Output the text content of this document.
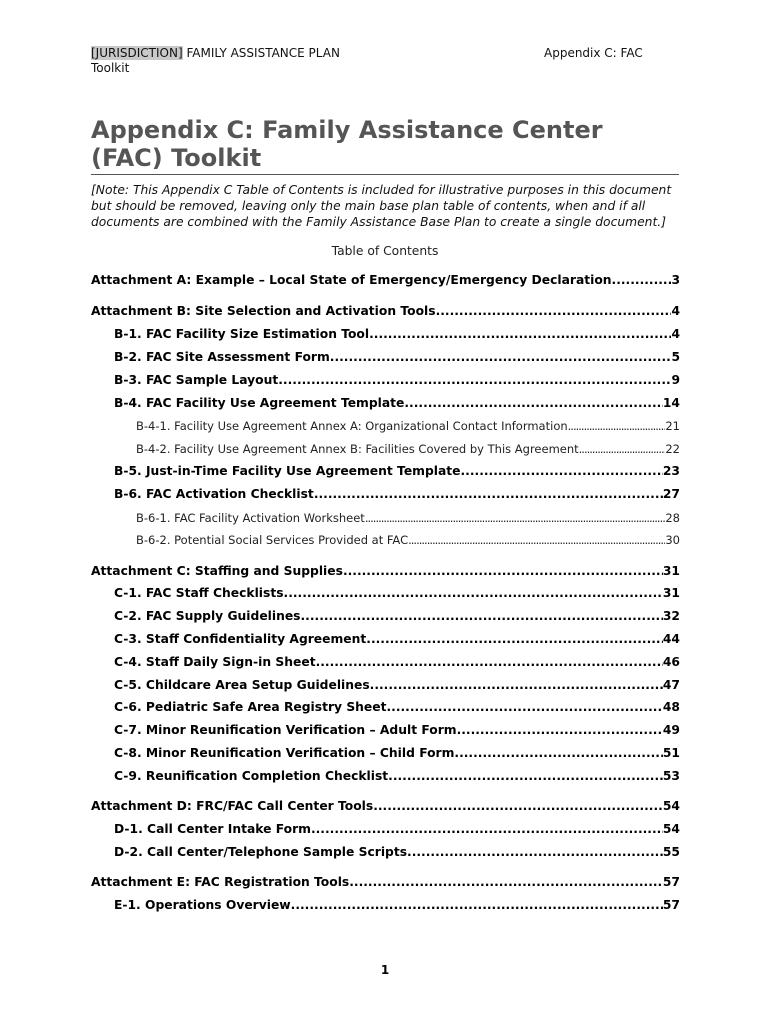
[JURISDICTION] FAMILY ASSISTANCE PLAN Toolkit
Appendix C: FAC
Appendix C: Family Assistance Center (FAC) Toolkit
[Note: This Appendix C Table of Contents is included for illustrative purposes in this document but should be removed, leaving only the main base plan table of contents, when and if all documents are combined with the Family Assistance Base Plan to create a single document.]
Table of Contents
Attachment A: Example – Local State of Emergency/Emergency Declaration .....	3
Attachment B: Site Selection and Activation Tools .....	4
B-1. FAC Facility Size Estimation Tool .....	4
B-2. FAC Site Assessment Form .....	5
B-3. FAC Sample Layout .....	9
B-4. FAC Facility Use Agreement Template .....	14
B-4-1. Facility Use Agreement Annex A: Organizational Contact Information .....	21
B-4-2. Facility Use Agreement Annex B: Facilities Covered by This Agreement .....	22
B-5. Just-in-Time Facility Use Agreement Template .....	23
B-6. FAC Activation Checklist .....	27
B-6-1. FAC Facility Activation Worksheet .....	28
B-6-2. Potential Social Services Provided at FAC .....	30
Attachment C: Staffing and Supplies .....	31
C-1. FAC Staff Checklists .....	31
C-2. FAC Supply Guidelines .....	32
C-3. Staff Confidentiality Agreement .....	44
C-4. Staff Daily Sign-in Sheet .....	46
C-5. Childcare Area Setup Guidelines .....	47
C-6. Pediatric Safe Area Registry Sheet .....	48
C-7. Minor Reunification Verification – Adult Form .....	49
C-8. Minor Reunification Verification – Child Form .....	51
C-9. Reunification Completion Checklist .....	53
Attachment D: FRC/FAC Call Center Tools .....	54
D-1. Call Center Intake Form .....	54
D-2. Call Center/Telephone Sample Scripts .....	55
Attachment E: FAC Registration Tools .....	57
E-1. Operations Overview .....	57
1
